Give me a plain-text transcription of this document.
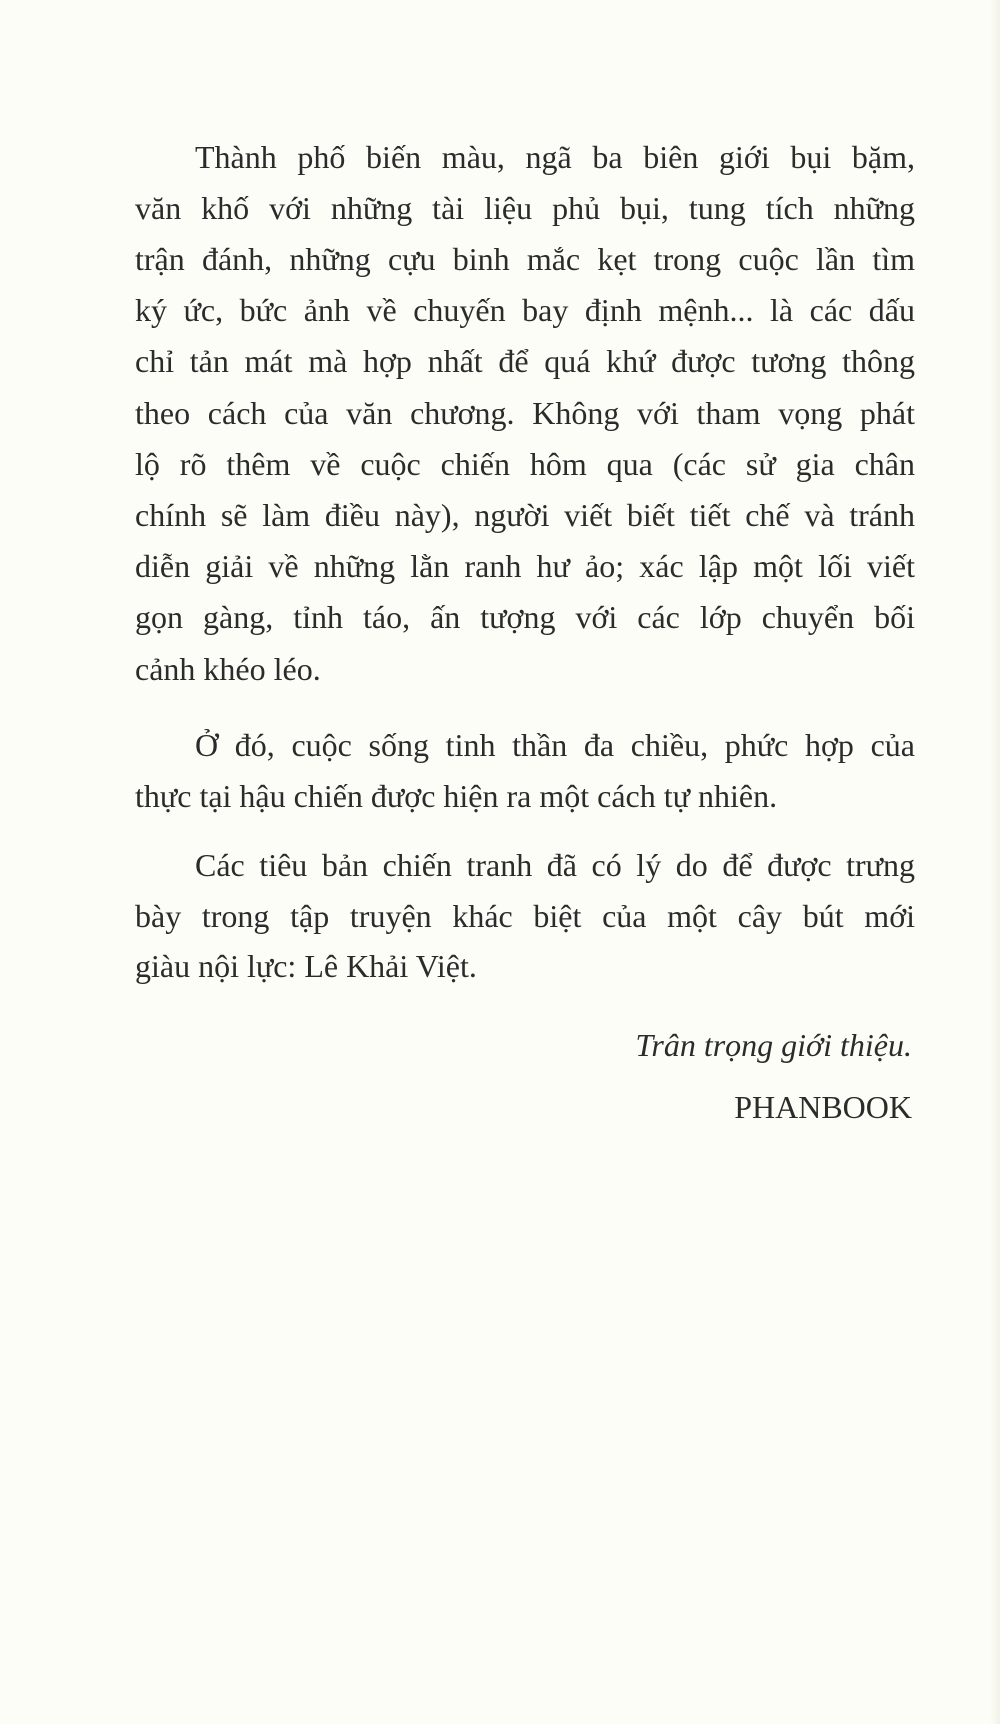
Thành phố biến màu, ngã ba biên giới bụi bặm,
văn khố với những tài liệu phủ bụi, tung tích những
trận đánh, những cựu binh mắc kẹt trong cuộc lần tìm
ký ức, bức ảnh về chuyến bay định mệnh... là các dấu
chỉ tản mát mà hợp nhất để quá khứ được tương thông
theo cách của văn chương. Không với tham vọng phát
lộ rõ thêm về cuộc chiến hôm qua (các sử gia chân
chính sẽ làm điều này), người viết biết tiết chế và tránh
diễn giải về những lằn ranh hư ảo; xác lập một lối viết
gọn gàng, tỉnh táo, ấn tượng với các lớp chuyển bối
cảnh khéo léo.
Ở đó, cuộc sống tinh thần đa chiều, phức hợp của
thực tại hậu chiến được hiện ra một cách tự nhiên.
Các tiêu bản chiến tranh đã có lý do để được trưng
bày trong tập truyện khác biệt của một cây bút mới
giàu nội lực: Lê Khải Việt.
Trân trọng giới thiệu.
PHANBOOK
